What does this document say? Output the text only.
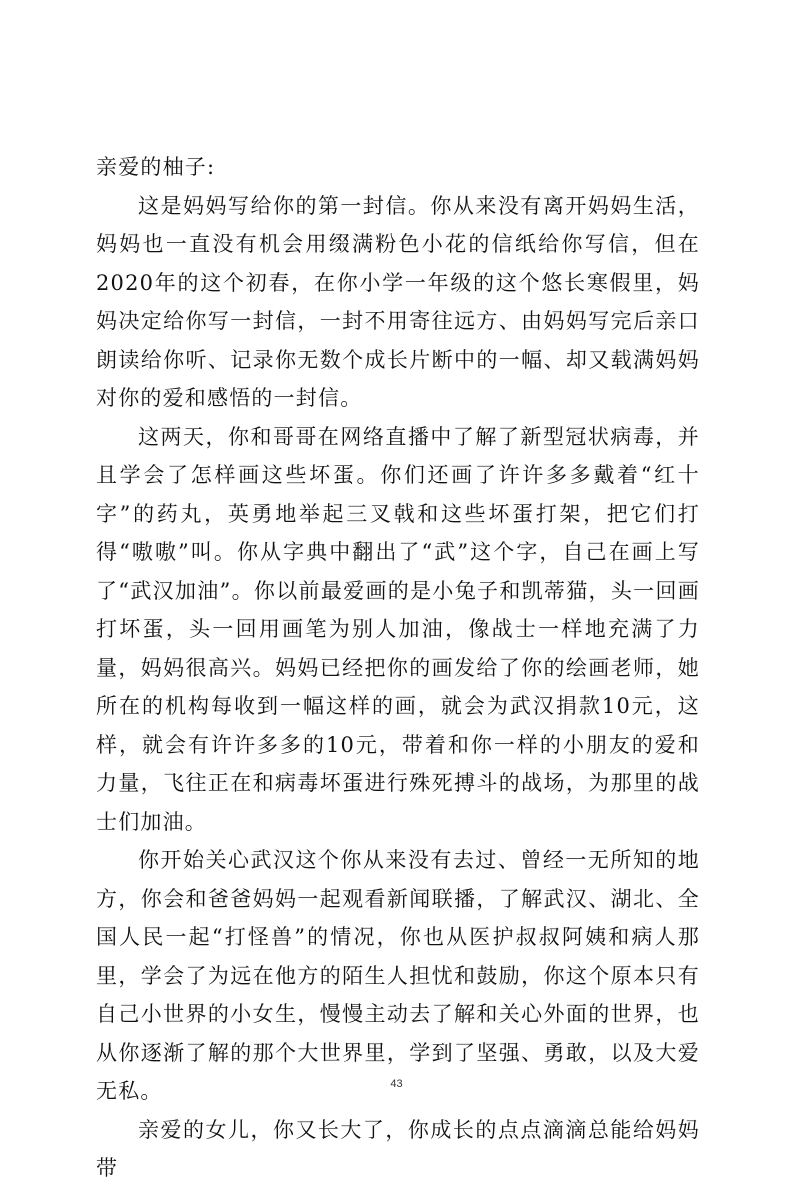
亲爱的柚子:

这是妈妈写给你的第一封信。你从来没有离开妈妈生活，妈妈也一直没有机会用缀满粉色小花的信纸给你写信，但在2020年的这个初春，在你小学一年级的这个悠长寒假里，妈妈决定给你写一封信，一封不用寄往远方、由妈妈写完后亲口朗读给你听、记录你无数个成长片断中的一幅、却又载满妈妈对你的爱和感悟的一封信。

这两天，你和哥哥在网络直播中了解了新型冠状病毒，并且学会了怎样画这些坏蛋。你们还画了许许多多戴着“红十字”的药丸，英勇地举起三叉戟和这些坏蛋打架，把它们打得“嗷嗷”叫。你从字典中翻出了“武”这个字，自己在画上写了“武汉加油”。你以前最爱画的是小兔子和凯蒂猫，头一回画打坏蛋，头一回用画笔为别人加油，像战士一样地充满了力量，妈妈很高兴。妈妈已经把你的画发给了你的绘画老师，她所在的机构每收到一幅这样的画，就会为武汉捐款10元，这样，就会有许许多多的10元，带着和你一样的小朋友的爱和力量，飞往正在和病毒坏蛋进行殊死搏斗的战场，为那里的战士们加油。

你开始关心武汉这个你从来没有去过、曾经一无所知的地方，你会和爸爸妈妈一起观看新闻联播，了解武汉、湖北、全国人民一起“打怪兽”的情况，你也从医护叔叔阿姨和病人那里，学会了为远在他方的陌生人担忧和鼓励，你这个原本只有自己小世界的小女生，慢慢主动去了解和关心外面的世界，也从你逐渐了解的那个大世界里，学到了坚强、勇敢，以及大爱无私。

亲爱的女儿，你又长大了，你成长的点点滴滴总能给妈妈带

43
